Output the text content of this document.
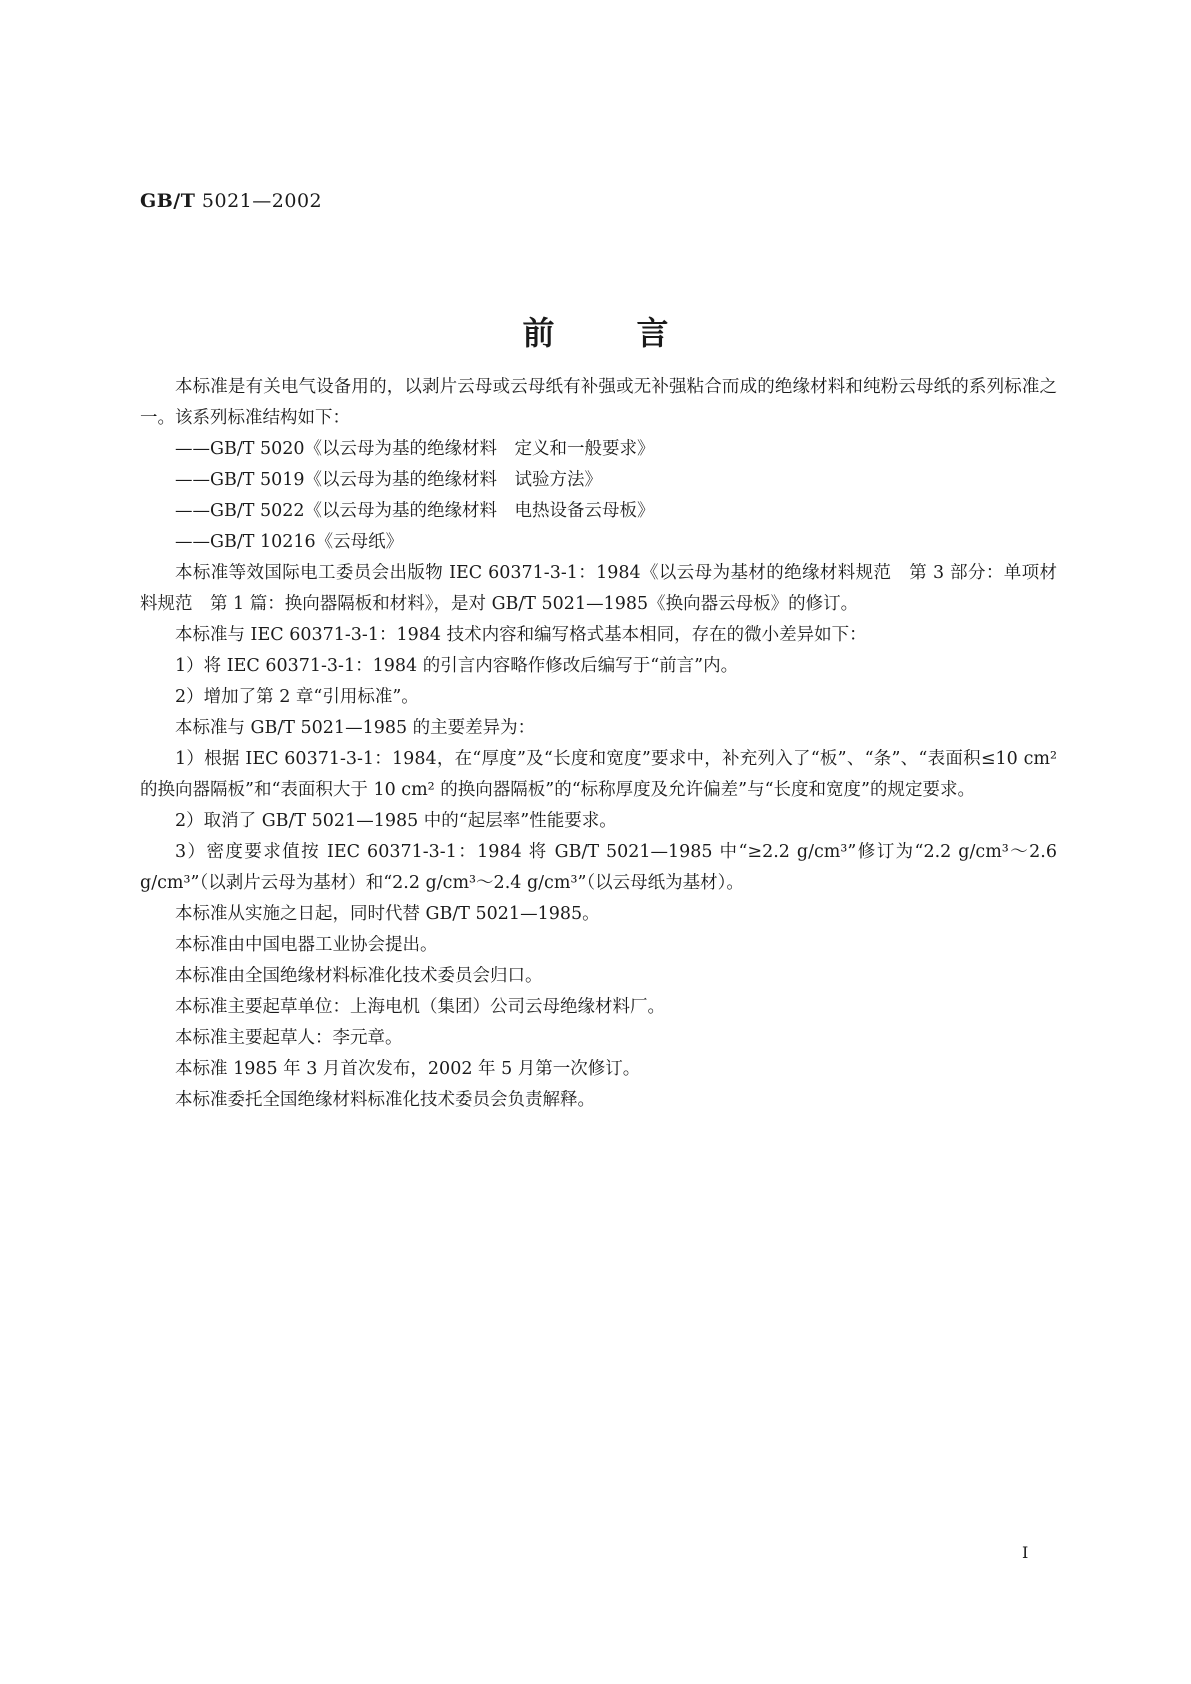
GB/T 5021—2002
前言

本标准是有关电气设备用的，以剥片云母或云母纸有补强或无补强粘合而成的绝缘材料和纯粉云母纸的系列标准之一。该系列标准结构如下：

——GB/T 5020《以云母为基的绝缘材料　定义和一般要求》

——GB/T 5019《以云母为基的绝缘材料　试验方法》

——GB/T 5022《以云母为基的绝缘材料　电热设备云母板》

——GB/T 10216《云母纸》

本标准等效国际电工委员会出版物 IEC 60371-3-1：1984《以云母为基材的绝缘材料规范　第 3 部分：单项材料规范　第 1 篇：换向器隔板和材料》，是对 GB/T 5021—1985《换向器云母板》的修订。

本标准与 IEC 60371-3-1：1984 技术内容和编写格式基本相同，存在的微小差异如下：

1）将 IEC 60371-3-1：1984 的引言内容略作修改后编写于“前言”内。

2）增加了第 2 章“引用标准”。

本标准与 GB/T 5021—1985 的主要差异为：

1）根据 IEC 60371-3-1：1984，在“厚度”及“长度和宽度”要求中，补充列入了“板”、“条”、“表面积≤10 cm²的换向器隔板”和“表面积大于 10 cm² 的换向器隔板”的“标称厚度及允许偏差”与“长度和宽度”的规定要求。

2）取消了 GB/T 5021—1985 中的“起层率”性能要求。

3）密度要求值按 IEC 60371-3-1：1984 将 GB/T 5021—1985 中“≥2.2 g/cm³”修订为“2.2 g/cm³～2.6 g/cm³”（以剥片云母为基材）和“2.2 g/cm³～2.4 g/cm³”（以云母纸为基材）。

本标准从实施之日起，同时代替 GB/T 5021—1985。

本标准由中国电器工业协会提出。

本标准由全国绝缘材料标准化技术委员会归口。

本标准主要起草单位：上海电机（集团）公司云母绝缘材料厂。

本标准主要起草人：李元章。

本标准 1985 年 3 月首次发布，2002 年 5 月第一次修订。

本标准委托全国绝缘材料标准化技术委员会负责解释。

I
